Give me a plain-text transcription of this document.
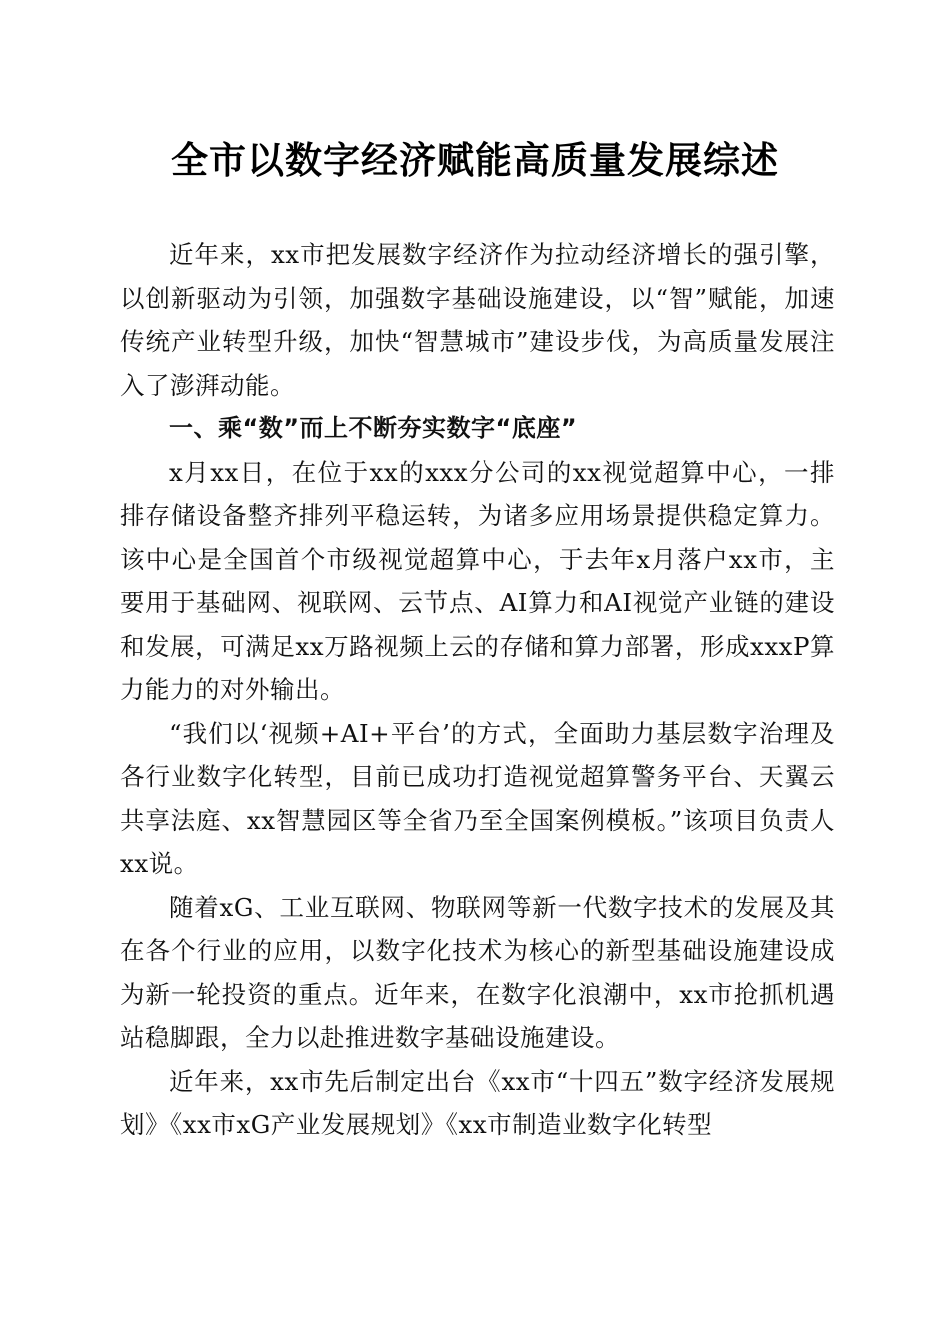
全市以数字经济赋能高质量发展综述

近年来，xx市把发展数字经济作为拉动经济增长的强引擎，以创新驱动为引领，加强数字基础设施建设，以“智”赋能，加速传统产业转型升级，加快“智慧城市”建设步伐，为高质量发展注入了澎湃动能。

一、乘“数”而上不断夯实数字“底座”

x月xx日，在位于xx的xxx分公司的xx视觉超算中心，一排排存储设备整齐排列平稳运转，为诸多应用场景提供稳定算力。该中心是全国首个市级视觉超算中心，于去年x月落户xx市，主要用于基础网、视联网、云节点、AI算力和AI视觉产业链的建设和发展，可满足xx万路视频上云的存储和算力部署，形成xxxP算力能力的对外输出。

“我们以‘视频+AI+平台’的方式，全面助力基层数字治理及各行业数字化转型，目前已成功打造视觉超算警务平台、天翼云共享法庭、xx智慧园区等全省乃至全国案例模板。”该项目负责人xx说。

随着xG、工业互联网、物联网等新一代数字技术的发展及其在各个行业的应用，以数字化技术为核心的新型基础设施建设成为新一轮投资的重点。近年来，在数字化浪潮中，xx市抢抓机遇站稳脚跟，全力以赴推进数字基础设施建设。

近年来，xx市先后制定出台《xx市“十四五”数字经济发展规划》《xx市xG产业发展规划》《xx市制造业数字化转型
